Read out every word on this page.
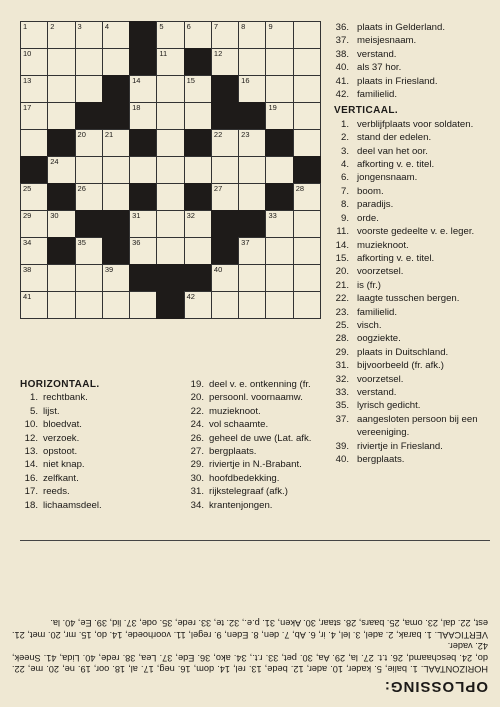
1	2	3	4	5	6	7	8	9
10	11	12
13	14	15	16
17	18	19
20	21	22	23
24
25	26	27	28
29	30	31	32	33
34	35	36	37
38	39	40
41	42
36. plaats in Gelderland.
37. meisjesnaam.
38. verstand.
40. als 37 hor.
41. plaats in Friesland.
42. familielid.
VERTICAAL.
1. verblijfplaats voor soldaten.
2. stand der edelen.
3. deel van het oor.
4. afkorting v. e. titel.
6. jongensnaam.
7. boom.
8. paradijs.
9. orde.
11. voorste gedeelte v. e. leger.
14. muzieknoot.
15. afkorting v. e. titel.
20. voorzetsel.
21. is (fr.)
22. laagte tusschen bergen.
23. familielid.
25. visch.
28. oogziekte.
29. plaats in Duitschland.
31. bijvoorbeeld (fr. afk.)
32. voorzetsel.
33. verstand.
35. lyrisch gedicht.
37. aangesloten persoon bij een vereeniging.
39. riviertje in Friesland.
40. bergplaats.
HORIZONTAAL.
1. rechtbank.
5. lijst.
10. bloedvat.
12. verzoek.
13. opstoot.
14. niet knap.
16. zelfkant.
17. reeds.
18. lichaamsdeel.
19. deel v. e. ontkenning (fr.
20. persoonl. voornaamw.
22. muzieknoot.
24. vol schaamte.
26. geheel de uwe (Lat. afk.
27. bergplaats.
29. riviertje in N.-Brabant.
30. hoofdbedekking.
31. rijkstelegraaf (afk.)
34. krantenjongen.
OPLOSSING:
HORIZONTAAL. 1. balie, 5. kader, 10. ader, 12. bede, 13. rel, 14. dom, 16. neg, 17. al, 18. oor, 19. ne, 20. me, 22. do, 24. beschaamd, 26. t.t. 27. la, 29. Aa, 30. pet, 33. r.t., 34. ako, 36. Ede, 37. Lea, 38. rede, 40. Lida, 41. Sneek, 42. vader.
VERTICAAL. 1. barak, 2. adel, 3. lel, 4. ir, 6. Ab, 7. den, 8. Eden, 9. regel, 11. voorhoede, 14. do, 15. mr, 20. met, 21. est, 22. dal, 23. oma, 25. baars, 28. staar, 30. Aken, 31. p.e., 32. te, 33. rede, 35. ode, 37. lid, 39. Ee, 40. la.
